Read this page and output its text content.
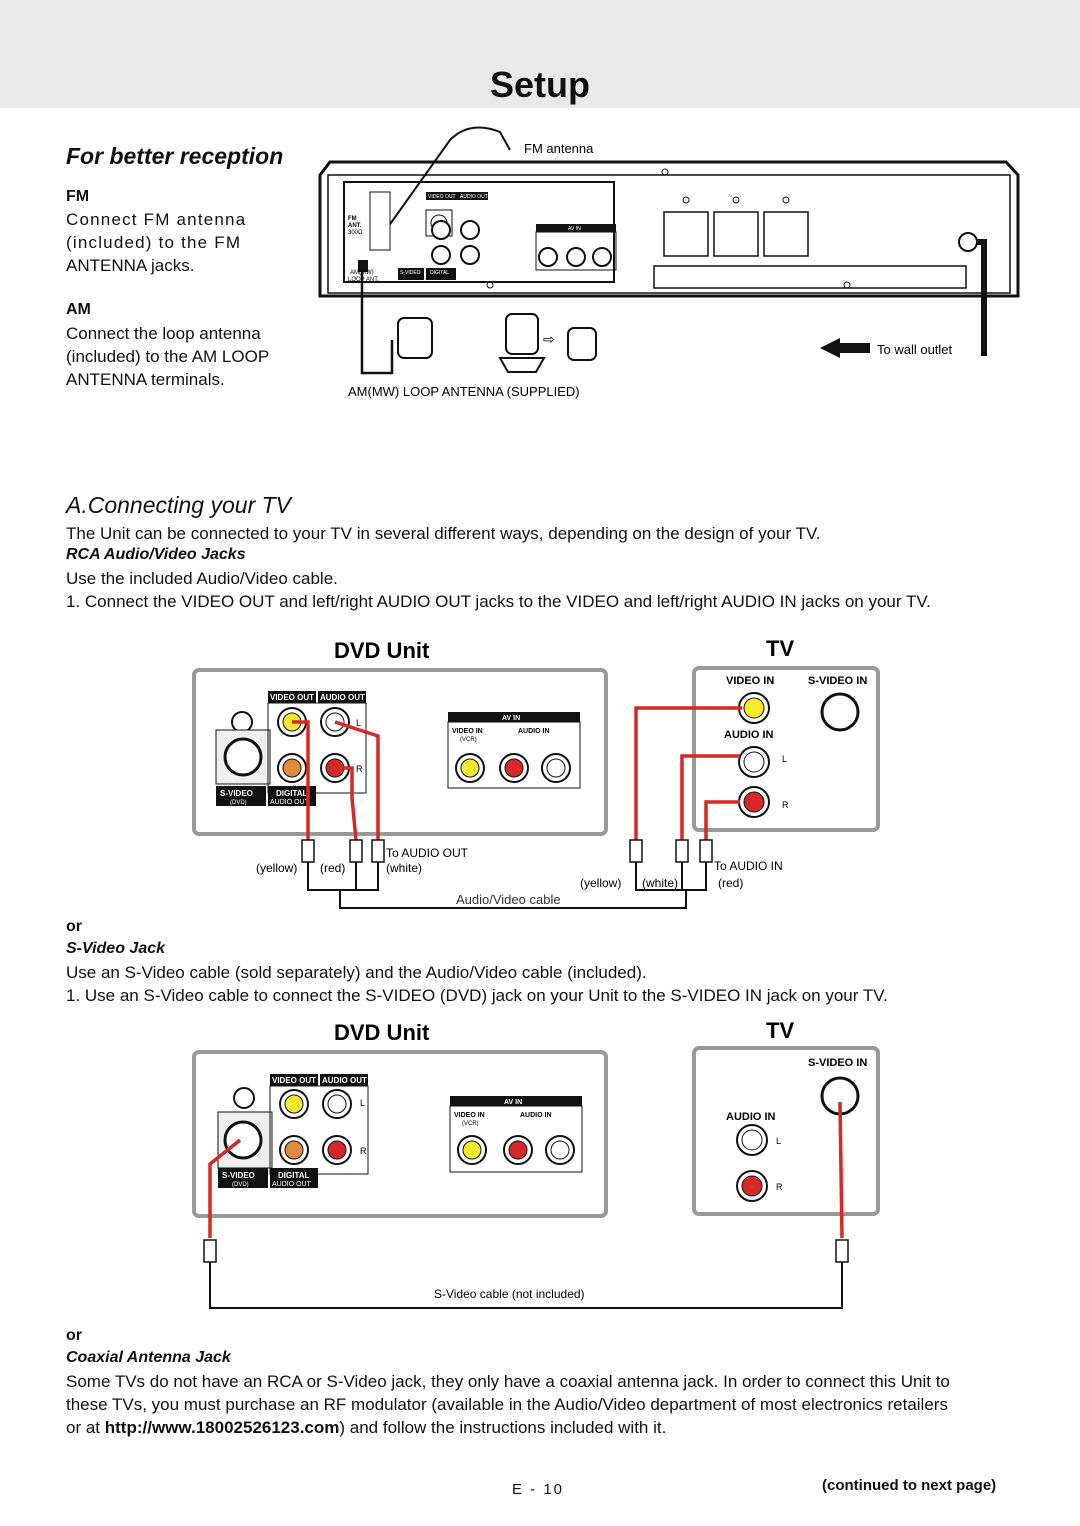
Setup
For better reception
FM
Connect FM antenna
(included) to the FM
ANTENNA jacks.
AM
Connect the loop antenna
(included) to the AM LOOP
ANTENNA terminals.
FM antenna
FM
ANT.
300Ω
AM(MW)
LOOP ANT.
VIDEO OUT AUDIO OUT
S-VIDEO DIGITAL
AV IN
To wall outlet
⇨
AM(MW) LOOP ANTENNA (SUPPLIED)
A.Connecting your TV
The Unit can be connected to your TV in several different ways, depending on the design of your TV.
RCA Audio/Video Jacks
Use the included Audio/Video cable.
1. Connect the VIDEO OUT and left/right AUDIO OUT jacks to the VIDEO and left/right AUDIO IN jacks on your TV.
DVD Unit	TV
VIDEO OUT AUDIO OUT
L
R
S-VIDEO
(DVD)
DIGITAL
AUDIO OUT
AV IN
VIDEO IN
(VCR)
AUDIO IN
VIDEO IN	S-VIDEO IN
AUDIO IN
L
R
To AUDIO OUT
(yellow) (red)	(white)
(yellow) (white)
To AUDIO IN
(red)
Audio/Video cable
or
S-Video Jack
Use an S-Video cable (sold separately) and the Audio/Video cable (included).
1. Use an S-Video cable to connect the S-VIDEO (DVD) jack on your Unit to the S-VIDEO IN jack on your TV.
DVD Unit	TV
VIDEO OUT AUDIO OUT
L
R
S-VIDEO
(DVD)
DIGITAL
AUDIO OUT
AV IN
VIDEO IN
(VCR)
AUDIO IN
S-VIDEO IN
AUDIO IN
L
R
S-Video cable (not included)
or
Coaxial Antenna Jack
Some TVs do not have an RCA or S-Video jack, they only have a coaxial antenna jack. In order to connect this Unit to
these TVs, you must purchase an RF modulator (available in the Audio/Video department of most electronics retailers
or at http://www.18002526123.com) and follow the instructions included with it.
E - 10	(continued to next page)
